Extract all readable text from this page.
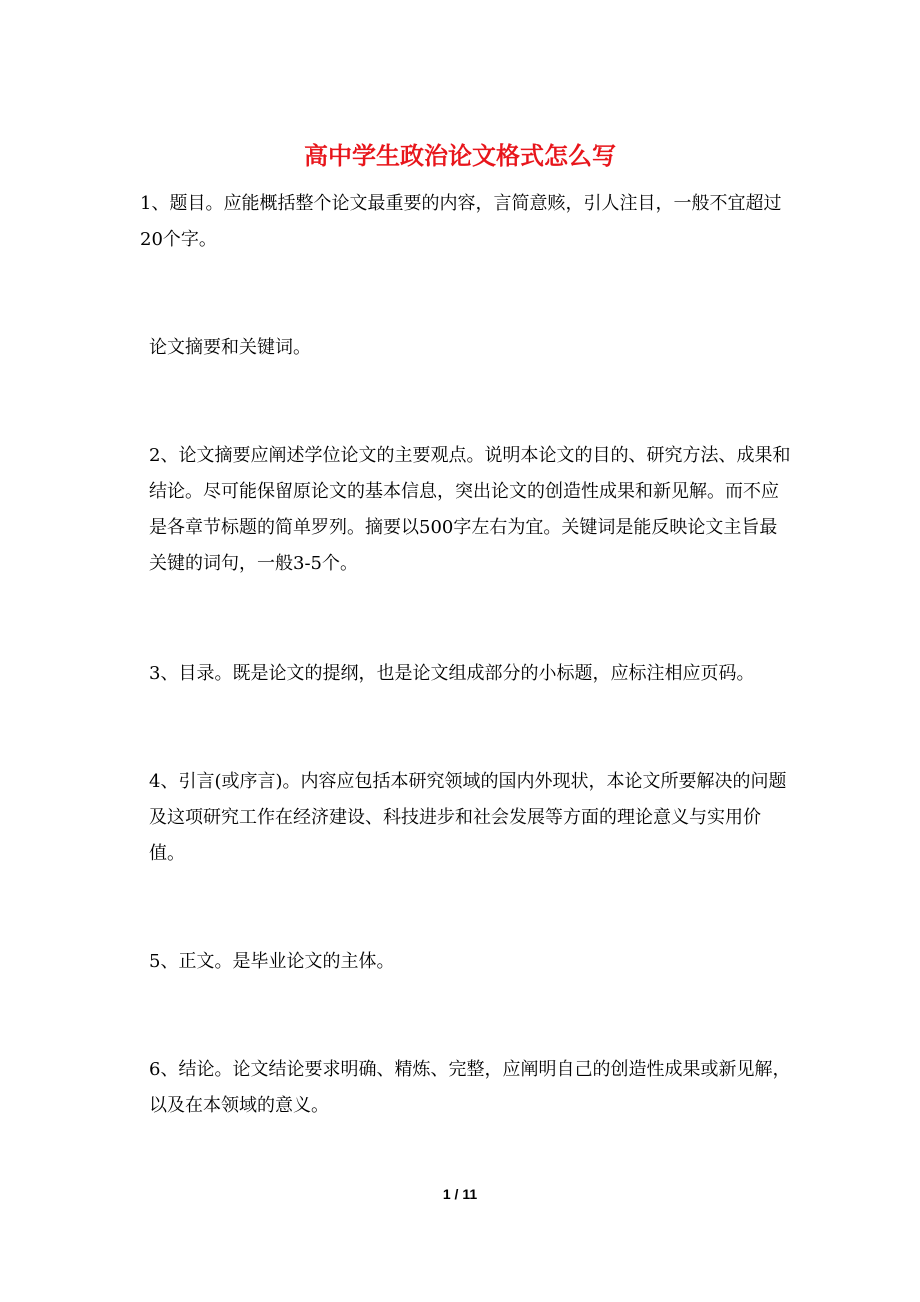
高中学生政治论文格式怎么写

1、题目。应能概括整个论文最重要的内容，言简意赅，引人注目，一般不宜超过20个字。

论文摘要和关键词。

2、论文摘要应阐述学位论文的主要观点。说明本论文的目的、研究方法、成果和结论。尽可能保留原论文的基本信息，突出论文的创造性成果和新见解。而不应是各章节标题的简单罗列。摘要以500字左右为宜。关键词是能反映论文主旨最关键的词句，一般3-5个。

3、目录。既是论文的提纲，也是论文组成部分的小标题，应标注相应页码。

4、引言(或序言)。内容应包括本研究领域的国内外现状，本论文所要解决的问题及这项研究工作在经济建设、科技进步和社会发展等方面的理论意义与实用价值。

5、正文。是毕业论文的主体。

6、结论。论文结论要求明确、精炼、完整，应阐明自己的创造性成果或新见解，以及在本领域的意义。

1 / 11
